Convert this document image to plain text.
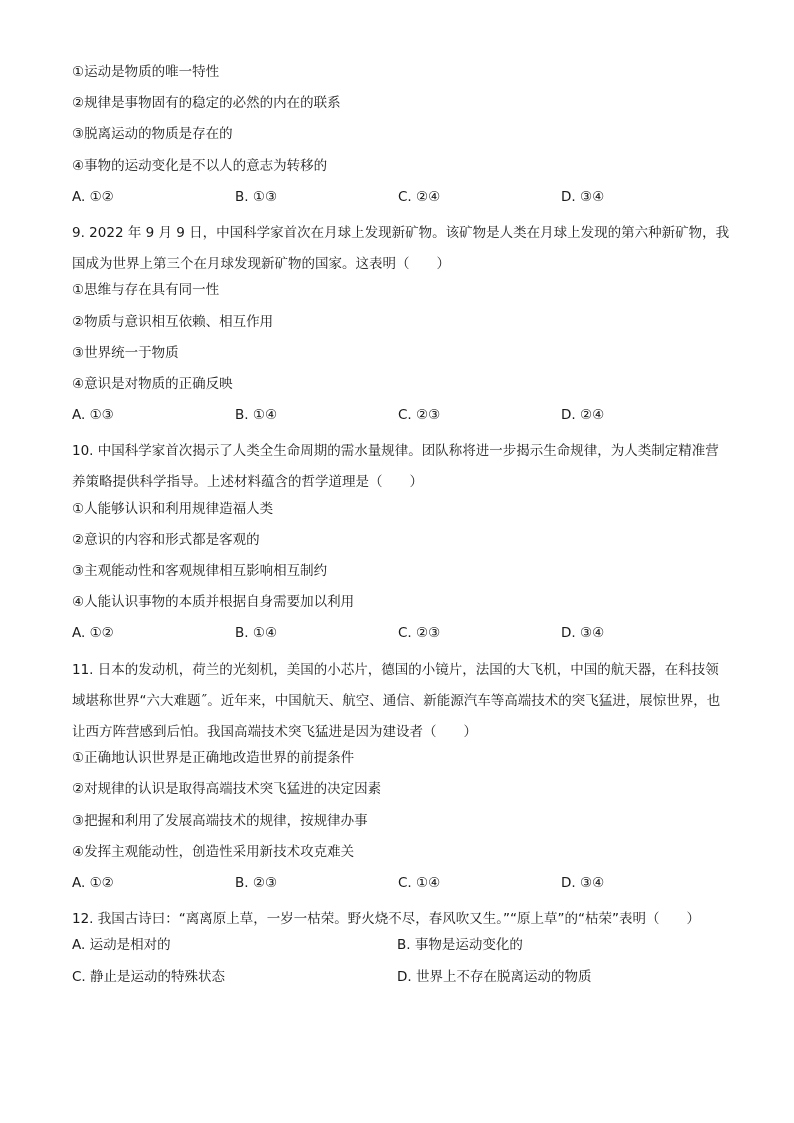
①运动是物质的唯一特性
②规律是事物固有的稳定的必然的内在的联系
③脱离运动的物质是存在的
④事物的运动变化是不以人的意志为转移的
A. ①②	B. ①③	C. ②④	D. ③④
9. 2022 年 9 月 9 日，中国科学家首次在月球上发现新矿物。该矿物是人类在月球上发现的第六种新矿物，我国成为世界上第三个在月球发现新矿物的国家。这表明（　　）
①思维与存在具有同一性
②物质与意识相互依赖、相互作用
③世界统一于物质
④意识是对物质的正确反映
A. ①③	B. ①④	C. ②③	D. ②④
10. 中国科学家首次揭示了人类全生命周期的需水量规律。团队称将进一步揭示生命规律，为人类制定精准营养策略提供科学指导。上述材料蕴含的哲学道理是（　　）
①人能够认识和利用规律造福人类
②意识的内容和形式都是客观的
③主观能动性和客观规律相互影响相互制约
④人能认识事物的本质并根据自身需要加以利用
A. ①②	B. ①④	C. ②③	D. ③④
11. 日本的发动机，荷兰的光刻机，美国的小芯片，德国的小镜片，法国的大飞机，中国的航天器，在科技领域堪称世界“六大难题˝。近年来，中国航天、航空、通信、新能源汽车等高端技术的突飞猛进，展惊世界，也让西方阵营感到后怕。我国高端技术突飞猛进是因为建设者（　　）
①正确地认识世界是正确地改造世界的前提条件
②对规律的认识是取得高端技术突飞猛进的决定因素
③把握和利用了发展高端技术的规律，按规律办事
④发挥主观能动性，创造性采用新技术攻克难关
A. ①②	B. ②③	C. ①④	D. ③④
12. 我国古诗曰：“离离原上草，一岁一枯荣。野火烧不尽，春风吹又生。”“原上草”的“枯荣”表明（　　）
A. 运动是相对的	B. 事物是运动变化的
C. 静止是运动的特殊状态	D. 世界上不存在脱离运动的物质
